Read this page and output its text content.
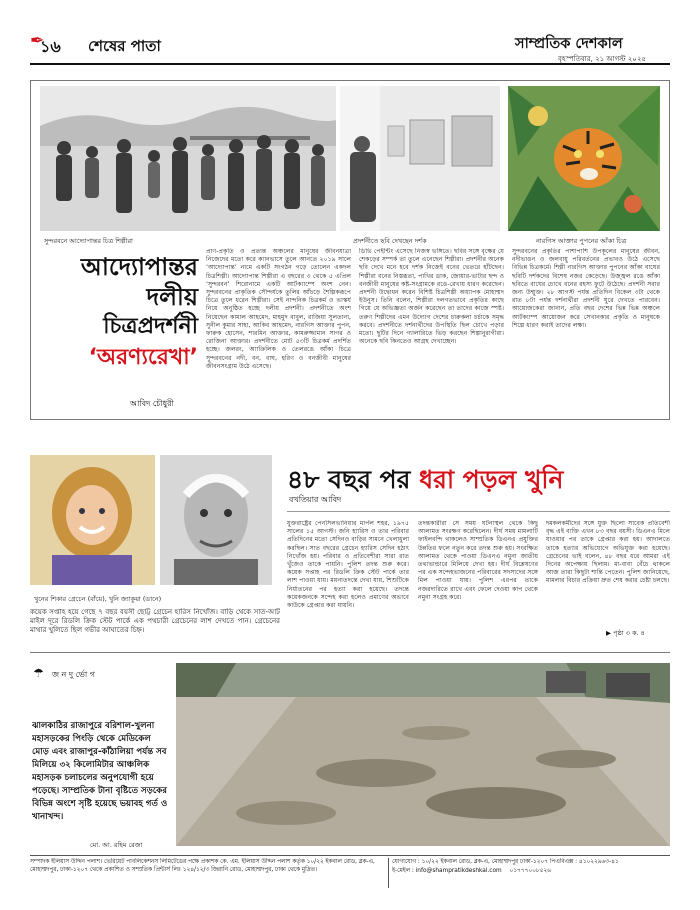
১৬
✒	শেষের পাতা	সাম্প্রতিক দেশকাল
বৃহস্পতিবার, ২১ আগস্ট ২০২৫
সুন্দরবনে আদ্যোপান্তর চিত্র শিল্পীরা	প্রদর্শনীতে ছবি দেখছেন দর্শক	নারগিস আক্তার পুপনের আঁকা চিত্র
আদ্যোপান্তর
দলীয়
চিত্রপ্রদর্শনী
‘অরণ্যরেখা’
আবিদ চৌধুরী
প্রাণ-প্রকৃতি ও প্রত্যন্ত অঞ্চলের মানুষের জীবনযাত্রা নিজেদের মতো করে ক্যানভাসে তুলে আনতে ২০১৯ সালে ‘আদ্যোপান্ত’ নামে একটি সংগঠন গড়ে তোলেন একদল চিত্রশিল্পী। আদ্যোপান্ত শিল্পীরা এ বছরের ৩ থেকে ৫ এপ্রিল ‘সুন্দরবন’ শিরোনামে একটি আর্টক্যাম্পে অংশ নেন। সুন্দরবনের প্রাকৃতিক সৌন্দর্যকে তুলির আঁচড়ে শৈল্পিকরূপে চিত্রে তুলে ধরেন শিল্পীরা। সেই নান্দনিক চিত্রকর্ম ও ভাস্কর্য নিয়ে অনুষ্ঠিত হচ্ছে দলীয় প্রদর্শনী। প্রদর্শনীতে অংশ নিয়েছেন কামাল আহমেদ, মাহমুদ বাবুল, রাজিয়া সুলতানা, সুনীল কুমার সাহা, আকিব আহমেদ, নারগিস আক্তার পুপন, ফারুক হোসেন, শারমিন আক্তার, কামরুজ্জামান সাগর ও রোজিনা আক্তার। প্রদর্শনীতে মোট ৫৩টি চিত্রকর্ম প্রদর্শিত হচ্ছে। জলরং, অ্যাক্রিলিক ও তেলরঙে আঁকা চিত্রে সুন্দরবনের নদী, বন, বাঘ, হরিণ ও বনজীবী মানুষের জীবনসংগ্রাম উঠে এসেছে।
ডিভি পেইন্টিং এসেছে নিজস্ব ভঙ্গিতে। ছবির সঙ্গে বৃক্ষের যে শেকড়ের সম্পর্ক তা তুলে এনেছেন শিল্পীরা। প্রদর্শনীর অনেক ছবি দেখে মনে হবে দর্শক নিজেই বনের ভেতরে হাঁটছেন। শিল্পীরা বনের নিস্তব্ধতা, পাখির ডাক, জোয়ার-ভাটার ছন্দ ও বনজীবী মানুষের কষ্ট-সংগ্রামকে রঙে-রেখায় ধারণ করেছেন। প্রদর্শনী উদ্বোধন করেন বিশিষ্ট চিত্রশিল্পী অধ্যাপক মোহাম্মদ ইউনুস। তিনি বলেন, শিল্পীরা দলগতভাবে প্রকৃতির কাছে গিয়ে যে অভিজ্ঞতা অর্জন করেছেন তা তাদের কাজে স্পষ্ট। তরুণ শিল্পীদের এমন উদ্যোগ দেশের চারুকলা চর্চাকে সমৃদ্ধ করবে। প্রদর্শনীতে দর্শনার্থীদের উপস্থিতি ছিল চোখে পড়ার মতো। ছুটির দিনে গ্যালারিতে ভিড় করছেন শিল্পানুরাগীরা। অনেকে ছবি কিনতেও আগ্রহ দেখাচ্ছেন।
সুন্দরবনের প্রকৃতির পাশাপাশি উপকূলের মানুষের জীবন, নদীভাঙন ও জলবায়ু পরিবর্তনের প্রভাবও উঠে এসেছে বিভিন্ন চিত্রকর্মে। শিল্পী নারগিস আক্তার পুপনের আঁকা বাঘের ছবিটি দর্শকদের বিশেষ নজর কেড়েছে। উজ্জ্বল রঙে আঁকা ছবিতে বাঘের চোখে বনের রহস্য ফুটে উঠেছে। প্রদর্শনী সবার জন্য উন্মুক্ত। ২৮ আগস্ট পর্যন্ত প্রতিদিন বিকেল ৩টা থেকে রাত ৮টা পর্যন্ত দর্শনার্থীরা প্রদর্শনী ঘুরে দেখতে পারবেন। আয়োজকেরা জানান, প্রতি বছর দেশের ভিন্ন ভিন্ন অঞ্চলে আর্টক্যাম্প আয়োজন করে সেখানকার প্রকৃতি ও মানুষকে শিল্পে ধারণ করাই তাদের লক্ষ্য।
খুনের শিকার গ্রেচেন (বাঁয়ে), খুনি জ্যাকুয়া (ডানে)
৪৮ বছর পর ধরা পড়ল খুনি
বখতিয়ার আবিদ
যুক্তরাষ্ট্রের পেনসিলভানিয়ার মার্পল শহর, ১৯৭৫ সালের ১৫ আগস্ট। জনি হ্যারিস ও তার পরিবার প্রতিদিনের মতো সেদিনও বাড়ির সামনে খেলাধুলা করছিল। সাত বছরের গ্রেচেন হ্যারিস সেদিন হঠাৎ নিখোঁজ হয়। পরিবার ও প্রতিবেশীরা সারা রাত খুঁজেও তাকে পায়নি। পুলিশ তদন্ত শুরু করে। কয়েক সপ্তাহ পর রিডলি ক্রিক স্টেট পার্কে তার লাশ পাওয়া যায়। ময়নাতদন্তে দেখা যায়, শিশুটিকে নির্যাতনের পর হত্যা করা হয়েছে। তদন্তে কয়েকজনকে সন্দেহ করা হলেও প্রমাণের অভাবে কাউকে গ্রেপ্তার করা যায়নি।
তদন্তকারীরা সে সময় ঘটনাস্থল থেকে কিছু আলামত সংরক্ষণ করেছিলেন। দীর্ঘ সময় মামলাটি ফাইলবন্দি থাকলেও সাম্প্রতিক ডিএনএ প্রযুক্তির উন্নতির ফলে নতুন করে তদন্ত শুরু হয়। সংরক্ষিত আলামত থেকে পাওয়া ডিএনএ নমুনা জাতীয় তথ্যভান্ডারে মিলিয়ে দেখা হয়। দীর্ঘ বিশ্লেষণের পর এক সন্দেহভাজনের পরিবারের সদস্যদের সঙ্গে মিল পাওয়া যায়। পুলিশ এরপর তাকে নজরদারিতে রাখে এবং ফেলে দেওয়া কাপ থেকে নমুনা সংগ্রহ করে।
দমকলকর্মীদের সঙ্গে যুক্ত ছিলো সাবেক প্রতিবেশী বৃদ্ধ এই ব্যক্তি এখন ৮৩ বছর বয়সী। ডিএনএ মিলে যাওয়ার পর তাকে গ্রেপ্তার করা হয়। আদালতে তাকে হত্যার অভিযোগে অভিযুক্ত করা হয়েছে। গ্রেচেনের ভাই বলেন, ৪৮ বছর ধরে আমরা এই দিনের অপেক্ষায় ছিলাম। মা-বাবা বেঁচে থাকলে আজ তারা কিছুটা শান্তি পেতেন। পুলিশ জানিয়েছে, মামলার বিচার প্রক্রিয়া দ্রুত শেষ করার চেষ্টা চলছে।
▶ পৃষ্ঠা ৩ ক. ৪
কয়েক সপ্তাহ হয়ে গেছে ৭ বছর বয়সী ছোট্ট গ্রেচেন হারিস নিখোঁজ। বাড়ি থেকে সাত-আট মাইল দূরে রিডলি ক্রিক স্টেট পার্কে এক পথচারী গ্রেচেনের লাশ দেখতে পান। গ্রেচেনের মাথার খুলিতে ছিল গভীর আঘাতের চিহ্ন।
☂ জ ন দু র্ভো গ
ঝালকাঠির রাজাপুরে বরিশাল-খুলনা মহাসড়কের পিংড়ি থেকে মেডিকেল মোড় এবং রাজাপুর-কাঁঠালিয়া পর্যন্ত সব মিলিয়ে ৩২ কিলোমিটার আঞ্চলিক মহাসড়ক চলাচলের অনুপযোগী হয়ে পড়েছে। সাম্প্রতিক টানা বৃষ্টিতে সড়কের বিভিন্ন অংশে সৃষ্টি হয়েছে ভয়াবহ গর্ত ও খানাখন্দ।
মো. আ. রহিম রেজা
সম্পাদক ইলিয়াস উদ্দিন পলাশ। ভেরিয়েট পাবলিকেশনস লিমিটেডের পক্ষে প্রকাশক কে. এম. ইলিয়াস উদ্দিন পলাশ কর্তৃক ১০/২২ ইকবাল রোড, ব্লক-এ, মোহাম্মদপুর, ঢাকা-১২০৭ থেকে প্রকাশিত ও সম্প্রতিক প্রিন্টার্স লিঃ ১২৪/১২/৩ জিরানি রোড, মোহাম্মদপুর, ঢাকা থেকে মুদ্রিত।
যোগাযোগ : ১০/২২ ইকবাল রোড, ব্লক-এ, মোহাম্মদপুর ঢাকা-১২০৭ পিএবিএক্স : ৪১০২২৯৬৩-৪১
ই-মেইল : info@shampratikdeshkal.com ০১৭৭৭০০৮৫২৬
